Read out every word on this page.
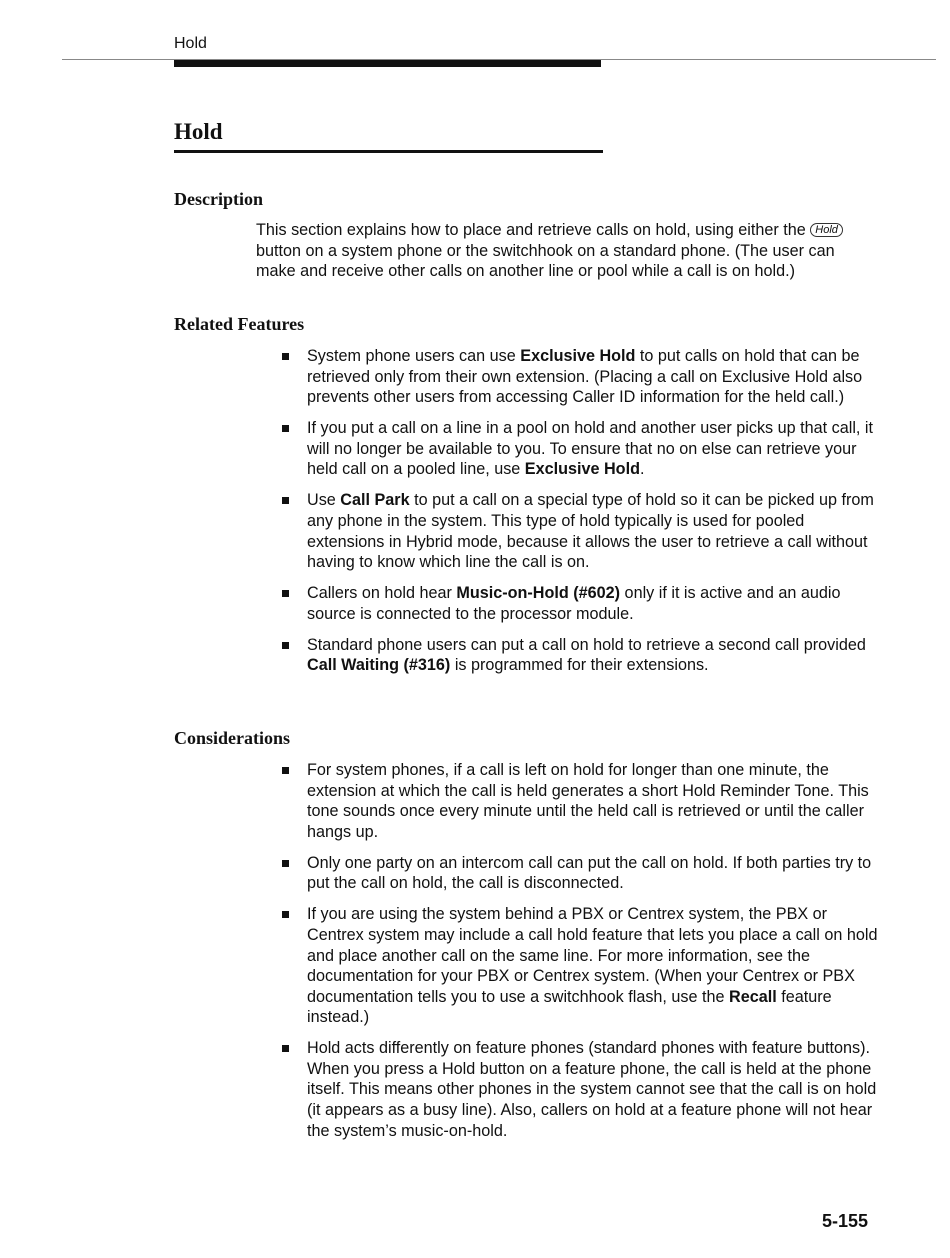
Hold
Hold
Description

This section explains how to place and retrieve calls on hold, using either the Hold button on a system phone or the switchhook on a standard phone. (The user can make and receive other calls on another line or pool while a call is on hold.)

Related Features
System phone users can use Exclusive Hold to put calls on hold that can be retrieved only from their own extension. (Placing a call on Exclusive Hold also prevents other users from accessing Caller ID information for the held call.)
If you put a call on a line in a pool on hold and another user picks up that call, it will no longer be available to you. To ensure that no on else can retrieve your held call on a pooled line, use Exclusive Hold.
Use Call Park to put a call on a special type of hold so it can be picked up from any phone in the system. This type of hold typically is used for pooled extensions in Hybrid mode, because it allows the user to retrieve a call without having to know which line the call is on.
Callers on hold hear Music-on-Hold (#602) only if it is active and an audio source is connected to the processor module.
Standard phone users can put a call on hold to retrieve a second call provided Call Waiting (#316) is programmed for their extensions.
Considerations
For system phones, if a call is left on hold for longer than one minute, the extension at which the call is held generates a short Hold Reminder Tone. This tone sounds once every minute until the held call is retrieved or until the caller hangs up.
Only one party on an intercom call can put the call on hold. If both parties try to put the call on hold, the call is disconnected.
If you are using the system behind a PBX or Centrex system, the PBX or Centrex system may include a call hold feature that lets you place a call on hold and place another call on the same line. For more information, see the documentation for your PBX or Centrex system. (When your Centrex or PBX documentation tells you to use a switchhook flash, use the Recall feature instead.)
Hold acts differently on feature phones (standard phones with feature buttons). When you press a Hold button on a feature phone, the call is held at the phone itself. This means other phones in the system cannot see that the call is on hold (it appears as a busy line). Also, callers on hold at a feature phone will not hear the system’s music-on-hold.
5-155
